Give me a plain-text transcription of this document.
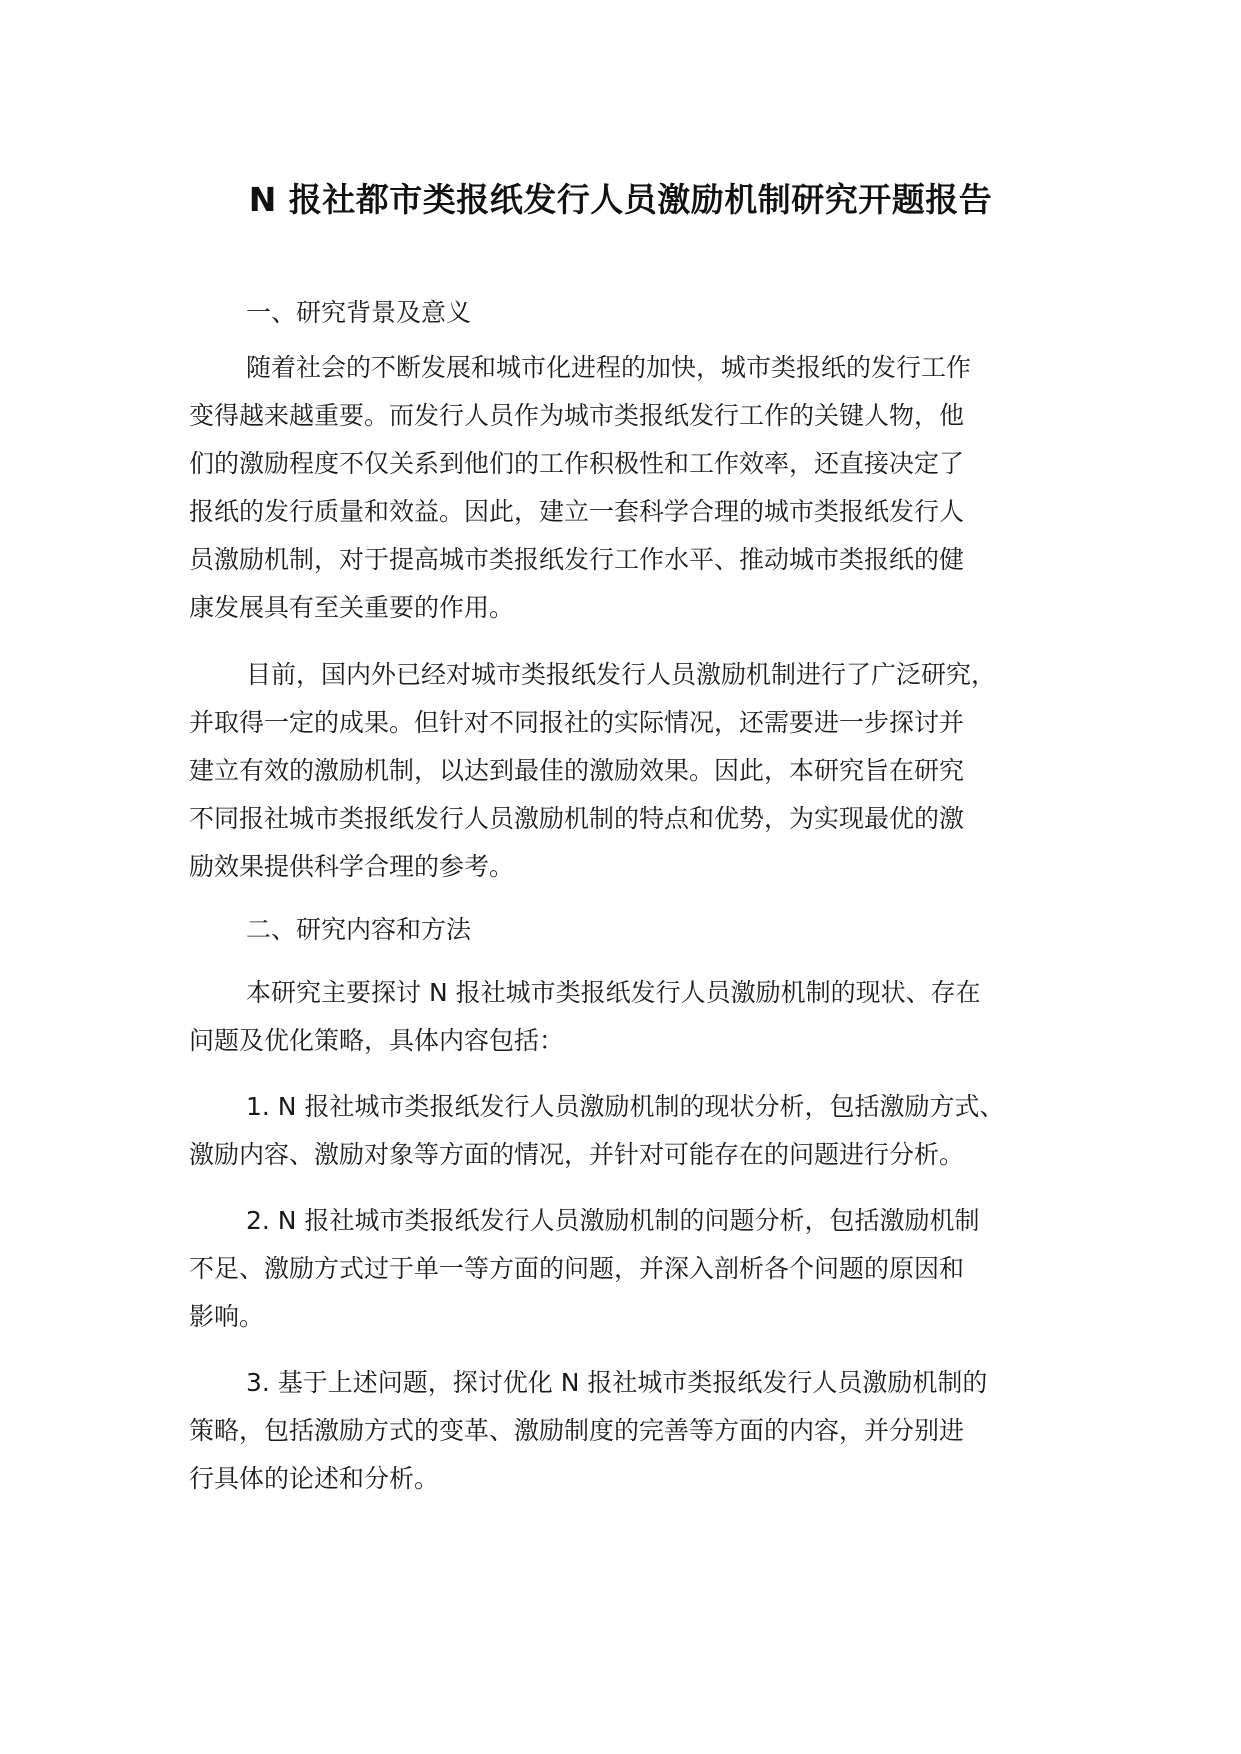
N 报社都市类报纸发行人员激励机制研究开题报告
一、研究背景及意义
随着社会的不断发展和城市化进程的加快，城市类报纸的发行工作
变得越来越重要。而发行人员作为城市类报纸发行工作的关键人物，他
们的激励程度不仅关系到他们的工作积极性和工作效率，还直接决定了
报纸的发行质量和效益。因此，建立一套科学合理的城市类报纸发行人
员激励机制，对于提高城市类报纸发行工作水平、推动城市类报纸的健
康发展具有至关重要的作用。
目前，国内外已经对城市类报纸发行人员激励机制进行了广泛研究，
并取得一定的成果。但针对不同报社的实际情况，还需要进一步探讨并
建立有效的激励机制，以达到最佳的激励效果。因此，本研究旨在研究
不同报社城市类报纸发行人员激励机制的特点和优势，为实现最优的激
励效果提供科学合理的参考。
二、研究内容和方法
本研究主要探讨 N 报社城市类报纸发行人员激励机制的现状、存在
问题及优化策略，具体内容包括：
1. N 报社城市类报纸发行人员激励机制的现状分析，包括激励方式、
激励内容、激励对象等方面的情况，并针对可能存在的问题进行分析。
2. N 报社城市类报纸发行人员激励机制的问题分析，包括激励机制
不足、激励方式过于单一等方面的问题，并深入剖析各个问题的原因和
影响。
3. 基于上述问题，探讨优化 N 报社城市类报纸发行人员激励机制的
策略，包括激励方式的变革、激励制度的完善等方面的内容，并分别进
行具体的论述和分析。
